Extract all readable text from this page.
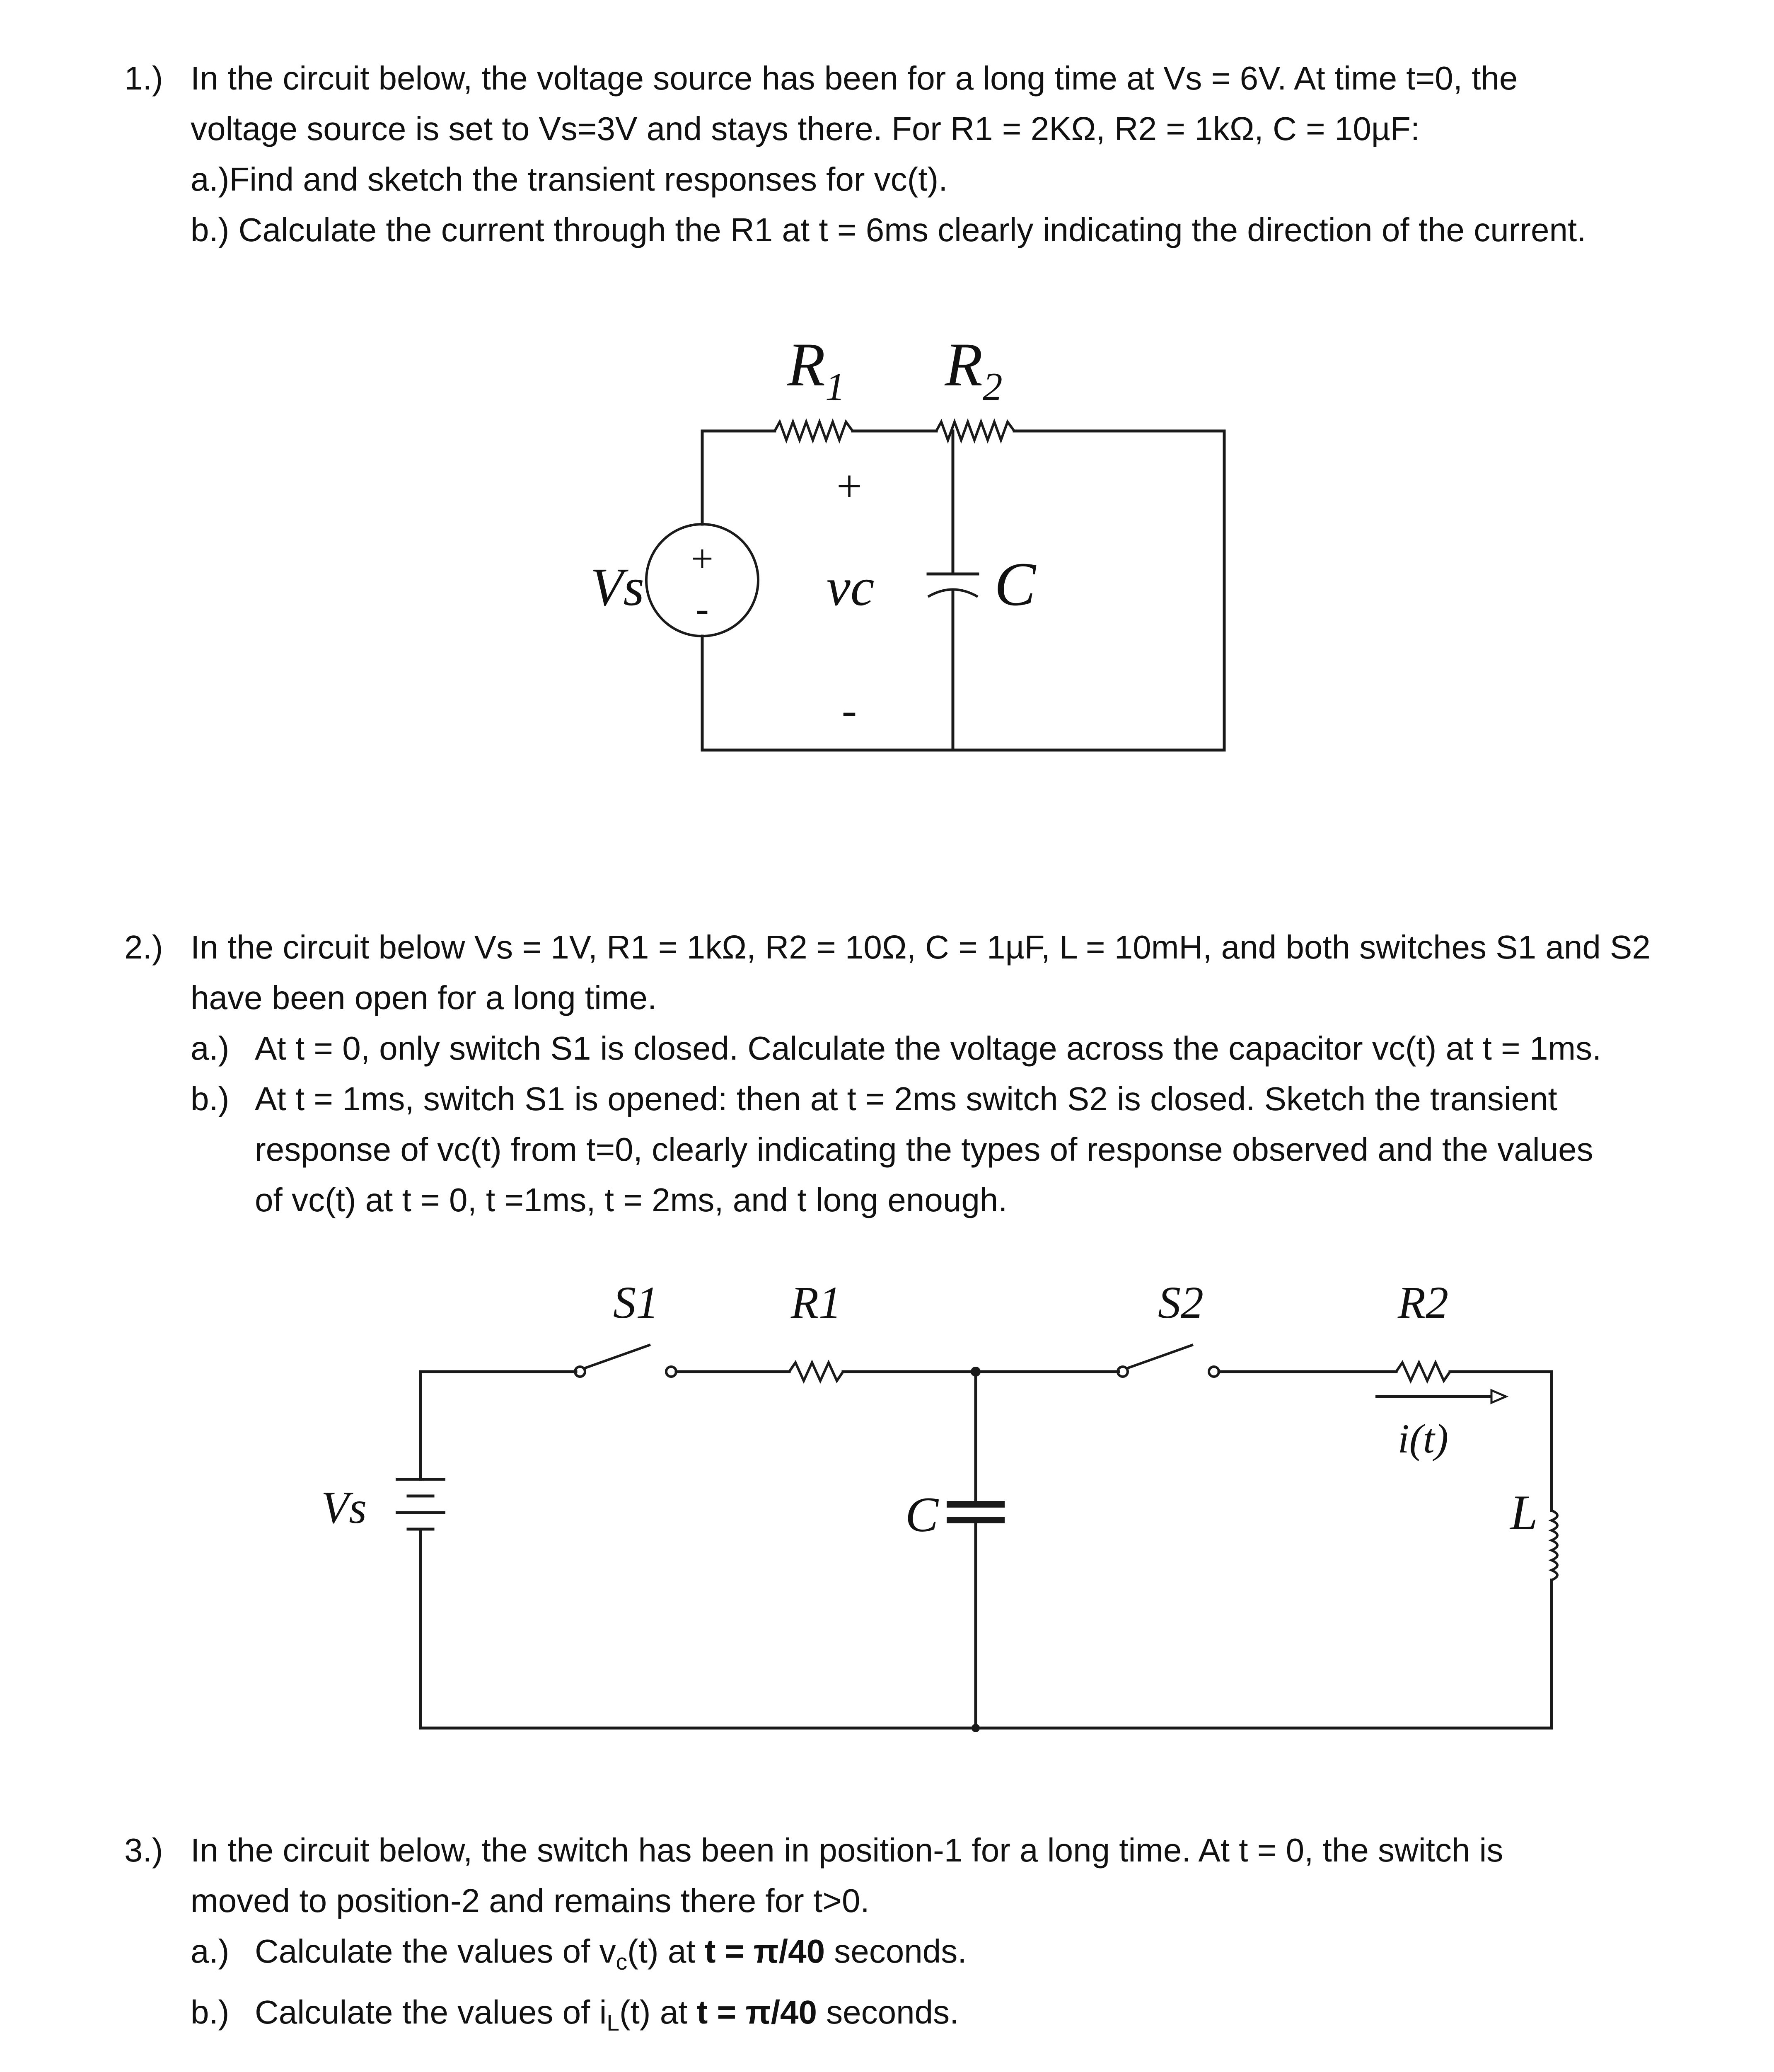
1.) In the circuit below, the voltage source has been for a long time at Vs = 6V. At time t=0, the
voltage source is set to Vs=3V and stays there. For R1 = 2KΩ, R2 = 1kΩ, C = 10µF:
a.)Find and sketch the transient responses for vc(t).
b.) Calculate the current through the R1 at t = 6ms clearly indicating the direction of the current.
+
-
Vs
$R_1$ $R_2$
+
vc
-
C
2.) In the circuit below Vs = 1V, R1 = 1kΩ, R2 = 10Ω, C = 1µF, L = 10mH, and both switches S1 and S2
have been open for a long time.
a.) At t = 0, only switch S1 is closed. Calculate the voltage across the capacitor vc(t) at t = 1ms.
b.) At t = 1ms, switch S1 is opened: then at t = 2ms switch S2 is closed. Sketch the transient
response of vc(t) from t=0, clearly indicating the types of response observed and the values
of vc(t) at t = 0, t =1ms, t = 2ms, and t long enough.
S1	R1	S2	R2
i(t)
Vs	C	L
3.) In the circuit below, the switch has been in position-1 for a long time. At t = 0, the switch is
moved to position-2 and remains there for t>0.
a.) Calculate the values of $v_c(t)$ at t = π/40 seconds.
b.) Calculate the values of $i_L(t)$ at t = π/40 seconds.
